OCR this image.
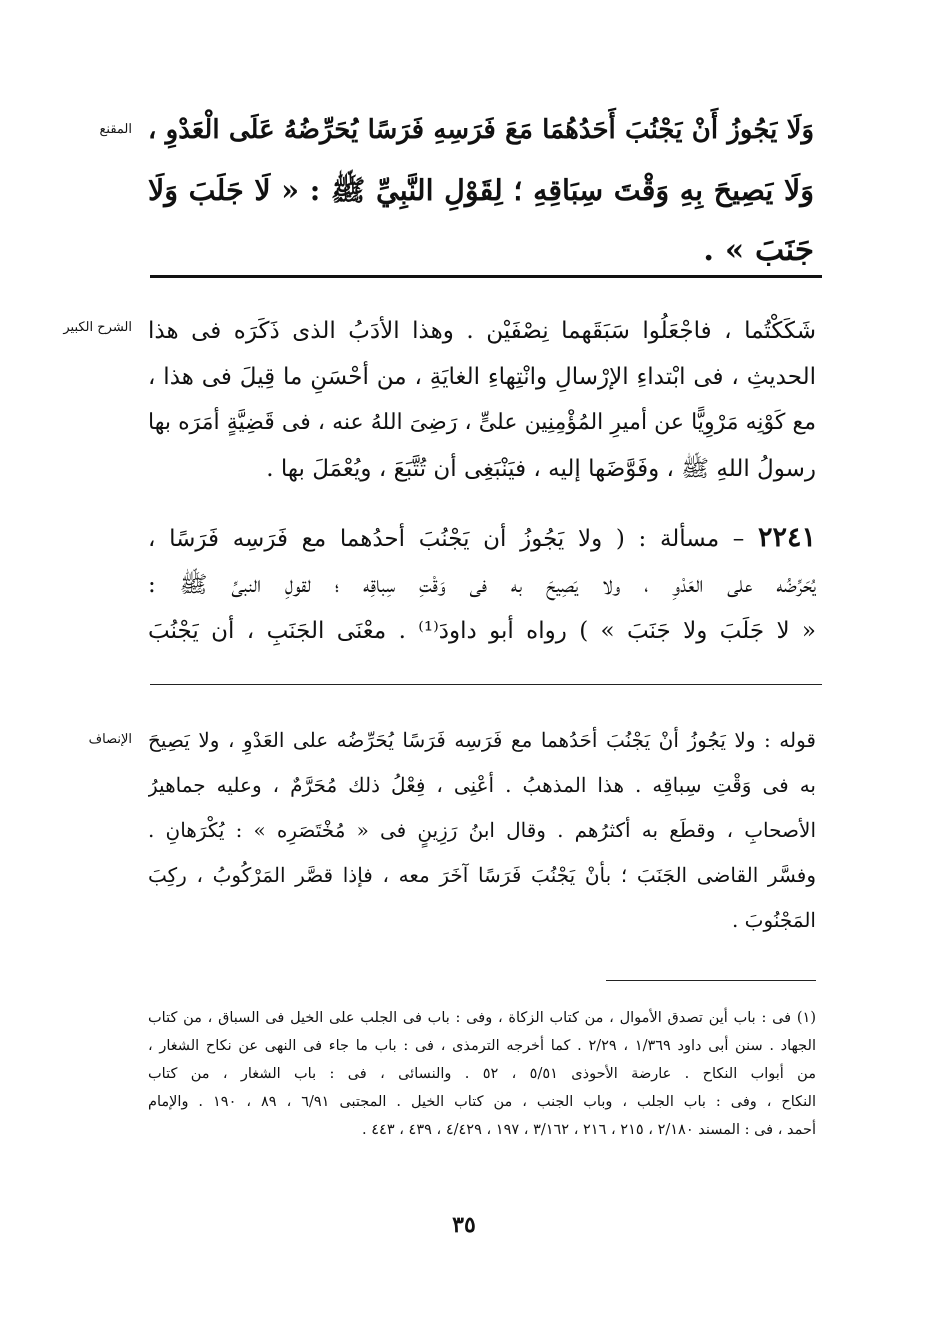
المقنع وَلَا يَجُوزُ أَنْ يَجْنُبَ أَحَدُهُمَا مَعَ فَرَسِهِ فَرَسًا يُحَرِّضُهُ عَلَى الْعَدْوِ ،
وَلَا يَصِيحَ بِهِ وَقْتَ سِبَاقِهِ ؛ لِقَوْلِ النَّبِيِّ ﷺ : « لَا جَلَبَ وَلَا
جَنَبَ » .
الشرح الكبير شَكَكْتُما ، فاجْعَلُوا سَبَقَهما نِصْفَيْن . وهذا الأدَبُ الذى ذَكَرَه فى هذا
الحديثِ ، فى ابْتداءِ الإرْسالِ وانْتِهاءِ الغايَةِ ، من أحْسَنِ ما قِيلَ فى هذا ،
مع كَوْنِه مَرْوِيًّا عن أميرِ المُؤْمِنِين علىٍّ ، رَضِىَ اللهُ عنه ، فى قَضِيَّةٍ أمَرَه بها
رسولُ اللهِ ﷺ ، وفَوَّضَها إليه ، فيَنْبَغِى أن تُتَّبَعَ ، ويُعْمَلَ بها .
٢٢٤١ – مسألة : ( ولا يَجُوزُ أن يَجْنُبَ أحدُهما مع فَرَسِه فَرَسًا ،
يُحَرِّضُه على العَدْوِ ، ولا يَصِيحَ به فى وَقْتِ سِباقِه ؛ لقولِ النبىِّ ﷺ :
« لا جَلَبَ ولا جَنَبَ » ) رواه أبو داودَ⁽¹⁾ . معْنَى الجَنَبِ ، أن يَجْنُبَ
الإنصاف قوله : ولا يَجُوزُ أنْ يَجْنُبَ أحَدُهما مع فَرَسِه فَرَسًا يُحَرِّضُه على العَدْوِ ، ولا يَصِيحَ
به فى وَقْتِ سِباقِه . هذا المذهبُ . أعْنِى ، فِعْلُ ذلك مُحَرَّمٌ ، وعليه جماهيرُ
الأصحابِ ، وقطَع به أكثرُهم . وقال ابنُ رَزِينٍ فى « مُخْتَصَرِه » : يُكْرَهانِ .
وفسَّر القاضى الجَنَبَ ؛ بأنْ يَجْنُبَ فَرَسًا آخَرَ معه ، فإذا قصَّر المَرْكُوبُ ، ركِبَ
المَجْنُوبَ .
(١) فى : باب أين تصدق الأموال ، من كتاب الزكاة ، وفى : باب فى الجلب على الخيل فى السباق ، من كتاب
الجهاد . سنن أبى داود ١/٣٦٩ ، ٢/٢٩ . كما أخرجه الترمذى ، فى : باب ما جاء فى النهى عن نكاح الشغار ،
من أبواب النكاح . عارضة الأحوذى ٥/٥١ ، ٥٢ . والنسائى ، فى : باب الشغار ، من كتاب
النكاح ، وفى : باب الجلب ، وباب الجنب ، من كتاب الخيل . المجتبى ٦/٩١ ، ٨٩ ، ١٩٠ . والإمام
أحمد ، فى : المسند ٢/١٨٠ ، ٢١٥ ، ٢١٦ ، ٣/١٦٢ ، ١٩٧ ، ٤/٤٢٩ ، ٤٣٩ ، ٤٤٣ .
٣٥
